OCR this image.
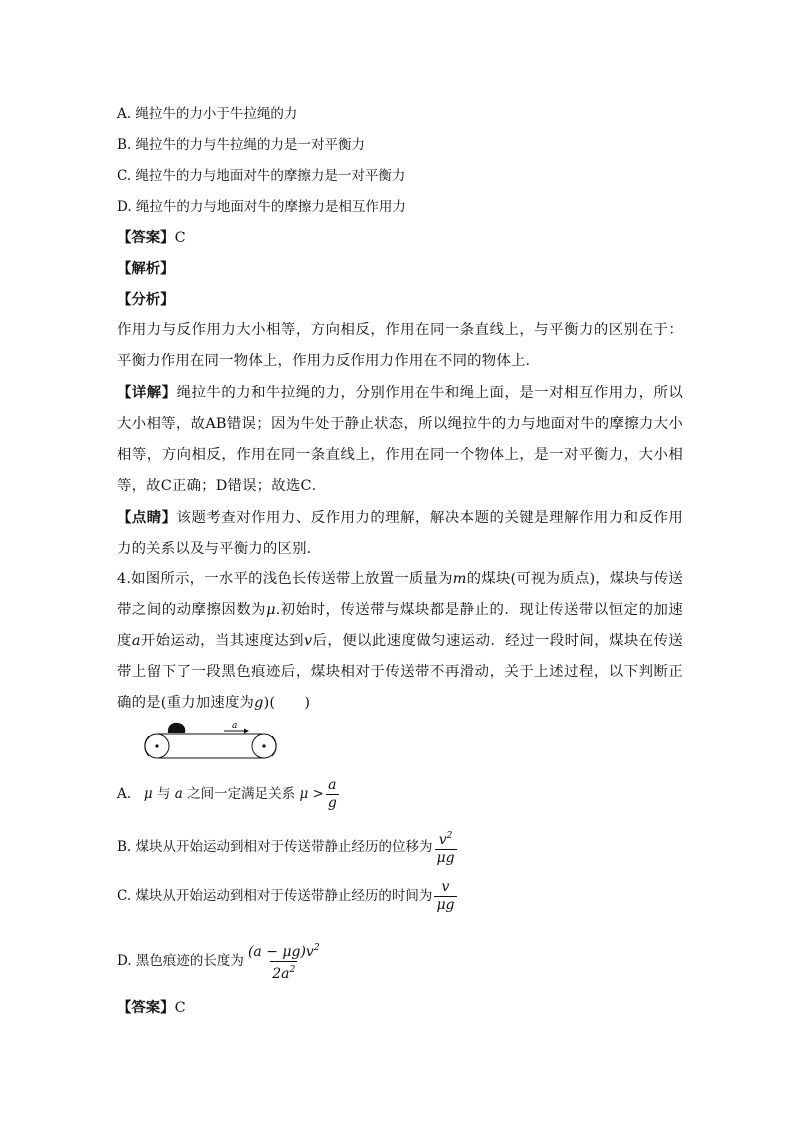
A. 绳拉牛的力小于牛拉绳的力
B. 绳拉牛的力与牛拉绳的力是一对平衡力
C. 绳拉牛的力与地面对牛的摩擦力是一对平衡力
D. 绳拉牛的力与地面对牛的摩擦力是相互作用力
【答案】C
【解析】
【分析】
作用力与反作用力大小相等，方向相反，作用在同一条直线上，与平衡力的区别在于：平衡力作用在同一物体上，作用力反作用力作用在不同的物体上．
【详解】绳拉牛的力和牛拉绳的力，分别作用在牛和绳上面，是一对相互作用力，所以大小相等，故AB错误；因为牛处于静止状态，所以绳拉牛的力与地面对牛的摩擦力大小相等，方向相反，作用在同一条直线上，作用在同一个物体上，是一对平衡力，大小相等，故C正确；D错误；故选C．
【点睛】该题考查对作用力、反作用力的理解，解决本题的关键是理解作用力和反作用力的关系以及与平衡力的区别．
4.如图所示，一水平的浅色长传送带上放置一质量为m的煤块(可视为质点)，煤块与传送带之间的动摩擦因数为μ.初始时，传送带与煤块都是静止的．现让传送带以恒定的加速度a开始运动，当其速度达到v后，便以此速度做匀速运动．经过一段时间，煤块在传送带上留下了一段黑色痕迹后，煤块相对于传送带不再滑动，关于上述过程，以下判断正确的是(重力加速度为g)(　　)
a
A. μ 与 a 之间一定满足关系 $\mu > \frac{a}{g}$
B. 煤块从开始运动到相对于传送带静止经历的位移为 $\frac{v^2}{\mu g}$
C. 煤块从开始运动到相对于传送带静止经历的时间为 $\frac{v}{\mu g}$
D. 黑色痕迹的长度为 $\frac{(a - \mu g)v^2}{2a^2}$
【答案】C
